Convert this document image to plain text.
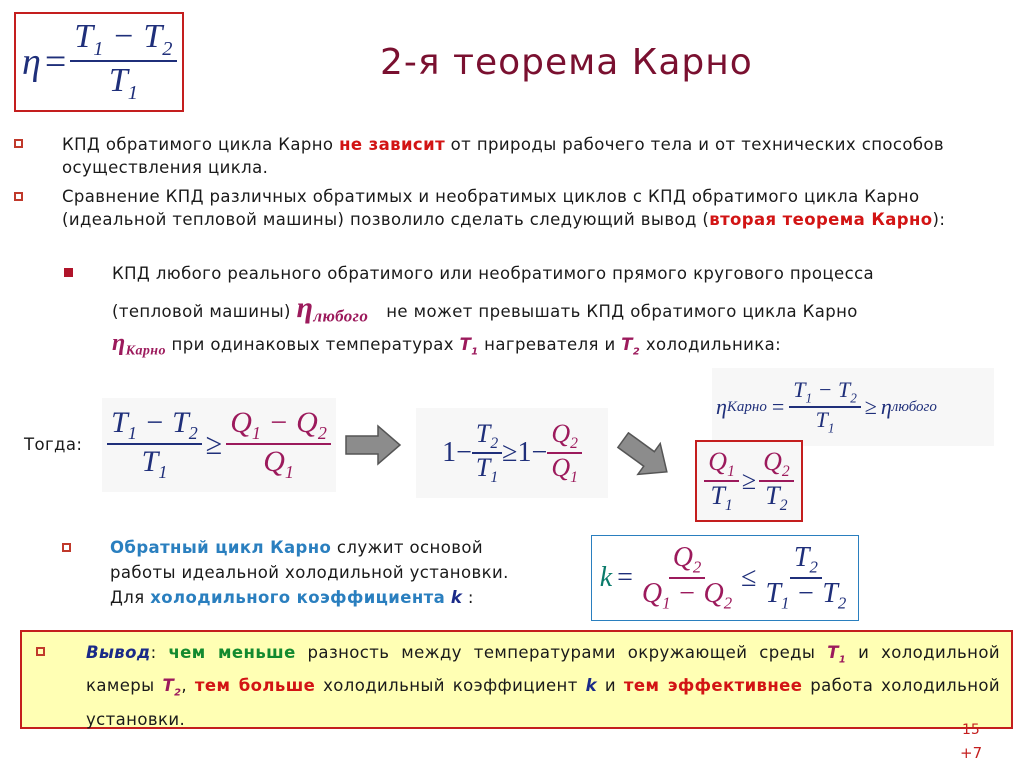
$\eta = \frac{T_1 - T_2}{T_1}$	2-я теорема Карно
КПД обратимого цикла Карно не зависит от природы рабочего тела и от технических способов осуществления цикла.
Сравнение КПД различных обратимых и необратимых циклов с КПД обратимого цикла Карно (идеальной тепловой машины) позволило сделать следующий вывод (вторая теорема Карно):
КПД любого реального обратимого или необратимого прямого кругового процесса
(тепловой машины) $\eta_{любого}$ не может превышать КПД обратимого цикла Карно
$\eta_{Карно}$ при одинаковых температурах $T_1$ нагревателя и $T_2$ холодильника:
η Карно = $\frac{T_1 - T_2}{T_1} \ge \eta$ любого
Тогда: $\frac{T_1 - T_2}{T_1} \ge \frac{Q_1 - Q_2}{Q_1}$	$1- \frac{T_2}{T_1} \ge 1- \frac{Q_2}{Q_1}$	$\frac{Q_1}{T_1} \ge \frac{Q_2}{T_2}$
Обратный цикл Карно служит основой
работы идеальной холодильной установки.
Для холодильного коэффициента k :
$k = \frac{Q_2}{Q_1 - Q_2} \le \frac{T_2}{T_1 - T_2}$
Вывод: чем меньше разность между температурами окружающей среды $T_1$ и холодильной камеры $T_2$, тем больше холодильный коэффициент k и тем эффективнее работа холодильной установки.
15
+7
